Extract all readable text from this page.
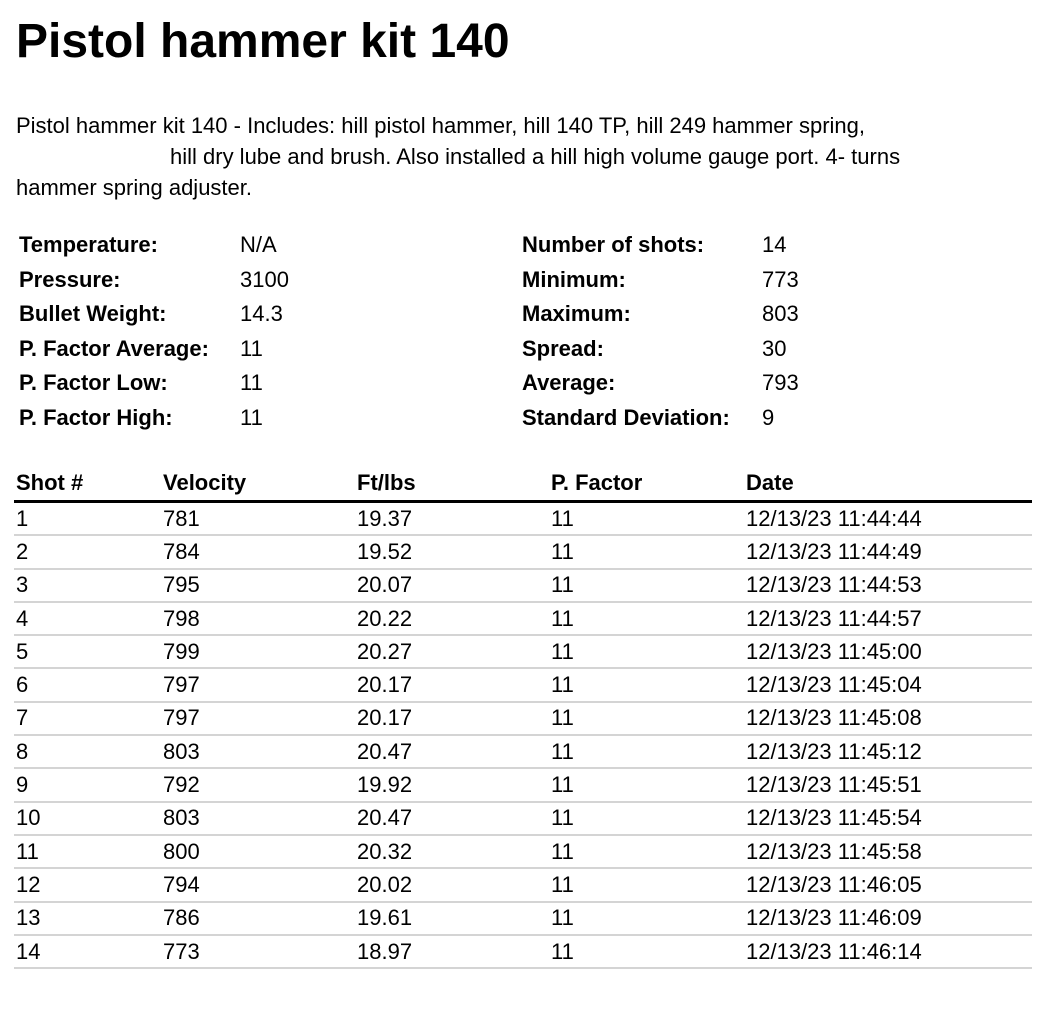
Pistol hammer kit 140
Pistol hammer kit 140 - Includes: hill pistol hammer, hill 140 TP, hill 249 hammer spring,
hill dry lube and brush. Also installed a hill high volume gauge port. 4- turns
hammer spring adjuster.
Temperature:	N/A
Pressure:	3100
Bullet Weight:	14.3
P. Factor Average:	11
P. Factor Low:	11
P. Factor High:	11
Number of shots:	14
Minimum:	773
Maximum:	803
Spread:	30
Average:	793
Standard Deviation:	9
Shot #	Velocity	Ft/lbs	P. Factor	Date
1	781	19.37	11	12/13/23 11:44:44
2	784	19.52	11	12/13/23 11:44:49
3	795	20.07	11	12/13/23 11:44:53
4	798	20.22	11	12/13/23 11:44:57
5	799	20.27	11	12/13/23 11:45:00
6	797	20.17	11	12/13/23 11:45:04
7	797	20.17	11	12/13/23 11:45:08
8	803	20.47	11	12/13/23 11:45:12
9	792	19.92	11	12/13/23 11:45:51
10	803	20.47	11	12/13/23 11:45:54
11	800	20.32	11	12/13/23 11:45:58
12	794	20.02	11	12/13/23 11:46:05
13	786	19.61	11	12/13/23 11:46:09
14	773	18.97	11	12/13/23 11:46:14
